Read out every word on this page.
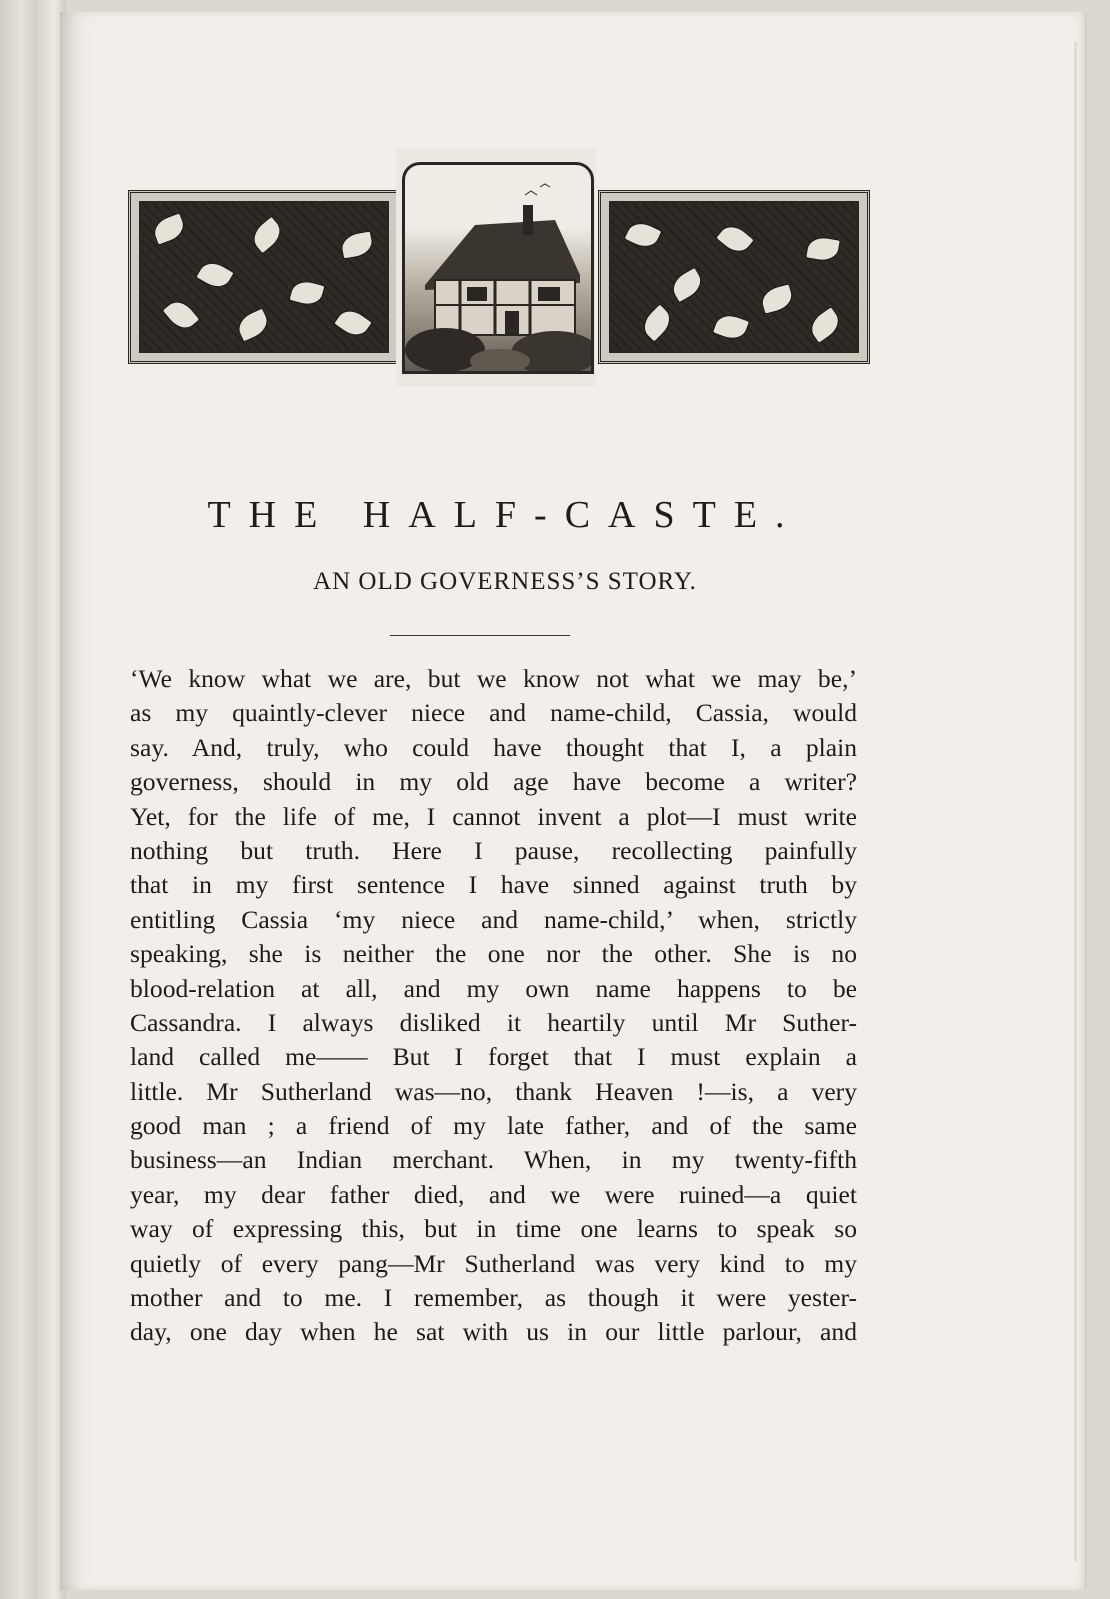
THE HALF-CASTE.
AN OLD GOVERNESS’S STORY.
‘We know what we are, but we know not what we may be,’
as my quaintly-clever niece and name-child, Cassia, would
say. And, truly, who could have thought that I, a plain
governess, should in my old age have become a writer?
Yet, for the life of me, I cannot invent a plot—I must write
nothing but truth. Here I pause, recollecting painfully
that in my first sentence I have sinned against truth by
entitling Cassia ‘my niece and name-child,’ when, strictly
speaking, she is neither the one nor the other. She is no
blood-relation at all, and my own name happens to be
Cassandra. I always disliked it heartily until Mr Suther-
land called me—— But I forget that I must explain a
little. Mr Sutherland was—no, thank Heaven !—is, a very
good man ; a friend of my late father, and of the same
business—an Indian merchant. When, in my twenty-fifth
year, my dear father died, and we were ruined—a quiet
way of expressing this, but in time one learns to speak so
quietly of every pang—Mr Sutherland was very kind to my
mother and to me. I remember, as though it were yester-
day, one day when he sat with us in our little parlour, and
